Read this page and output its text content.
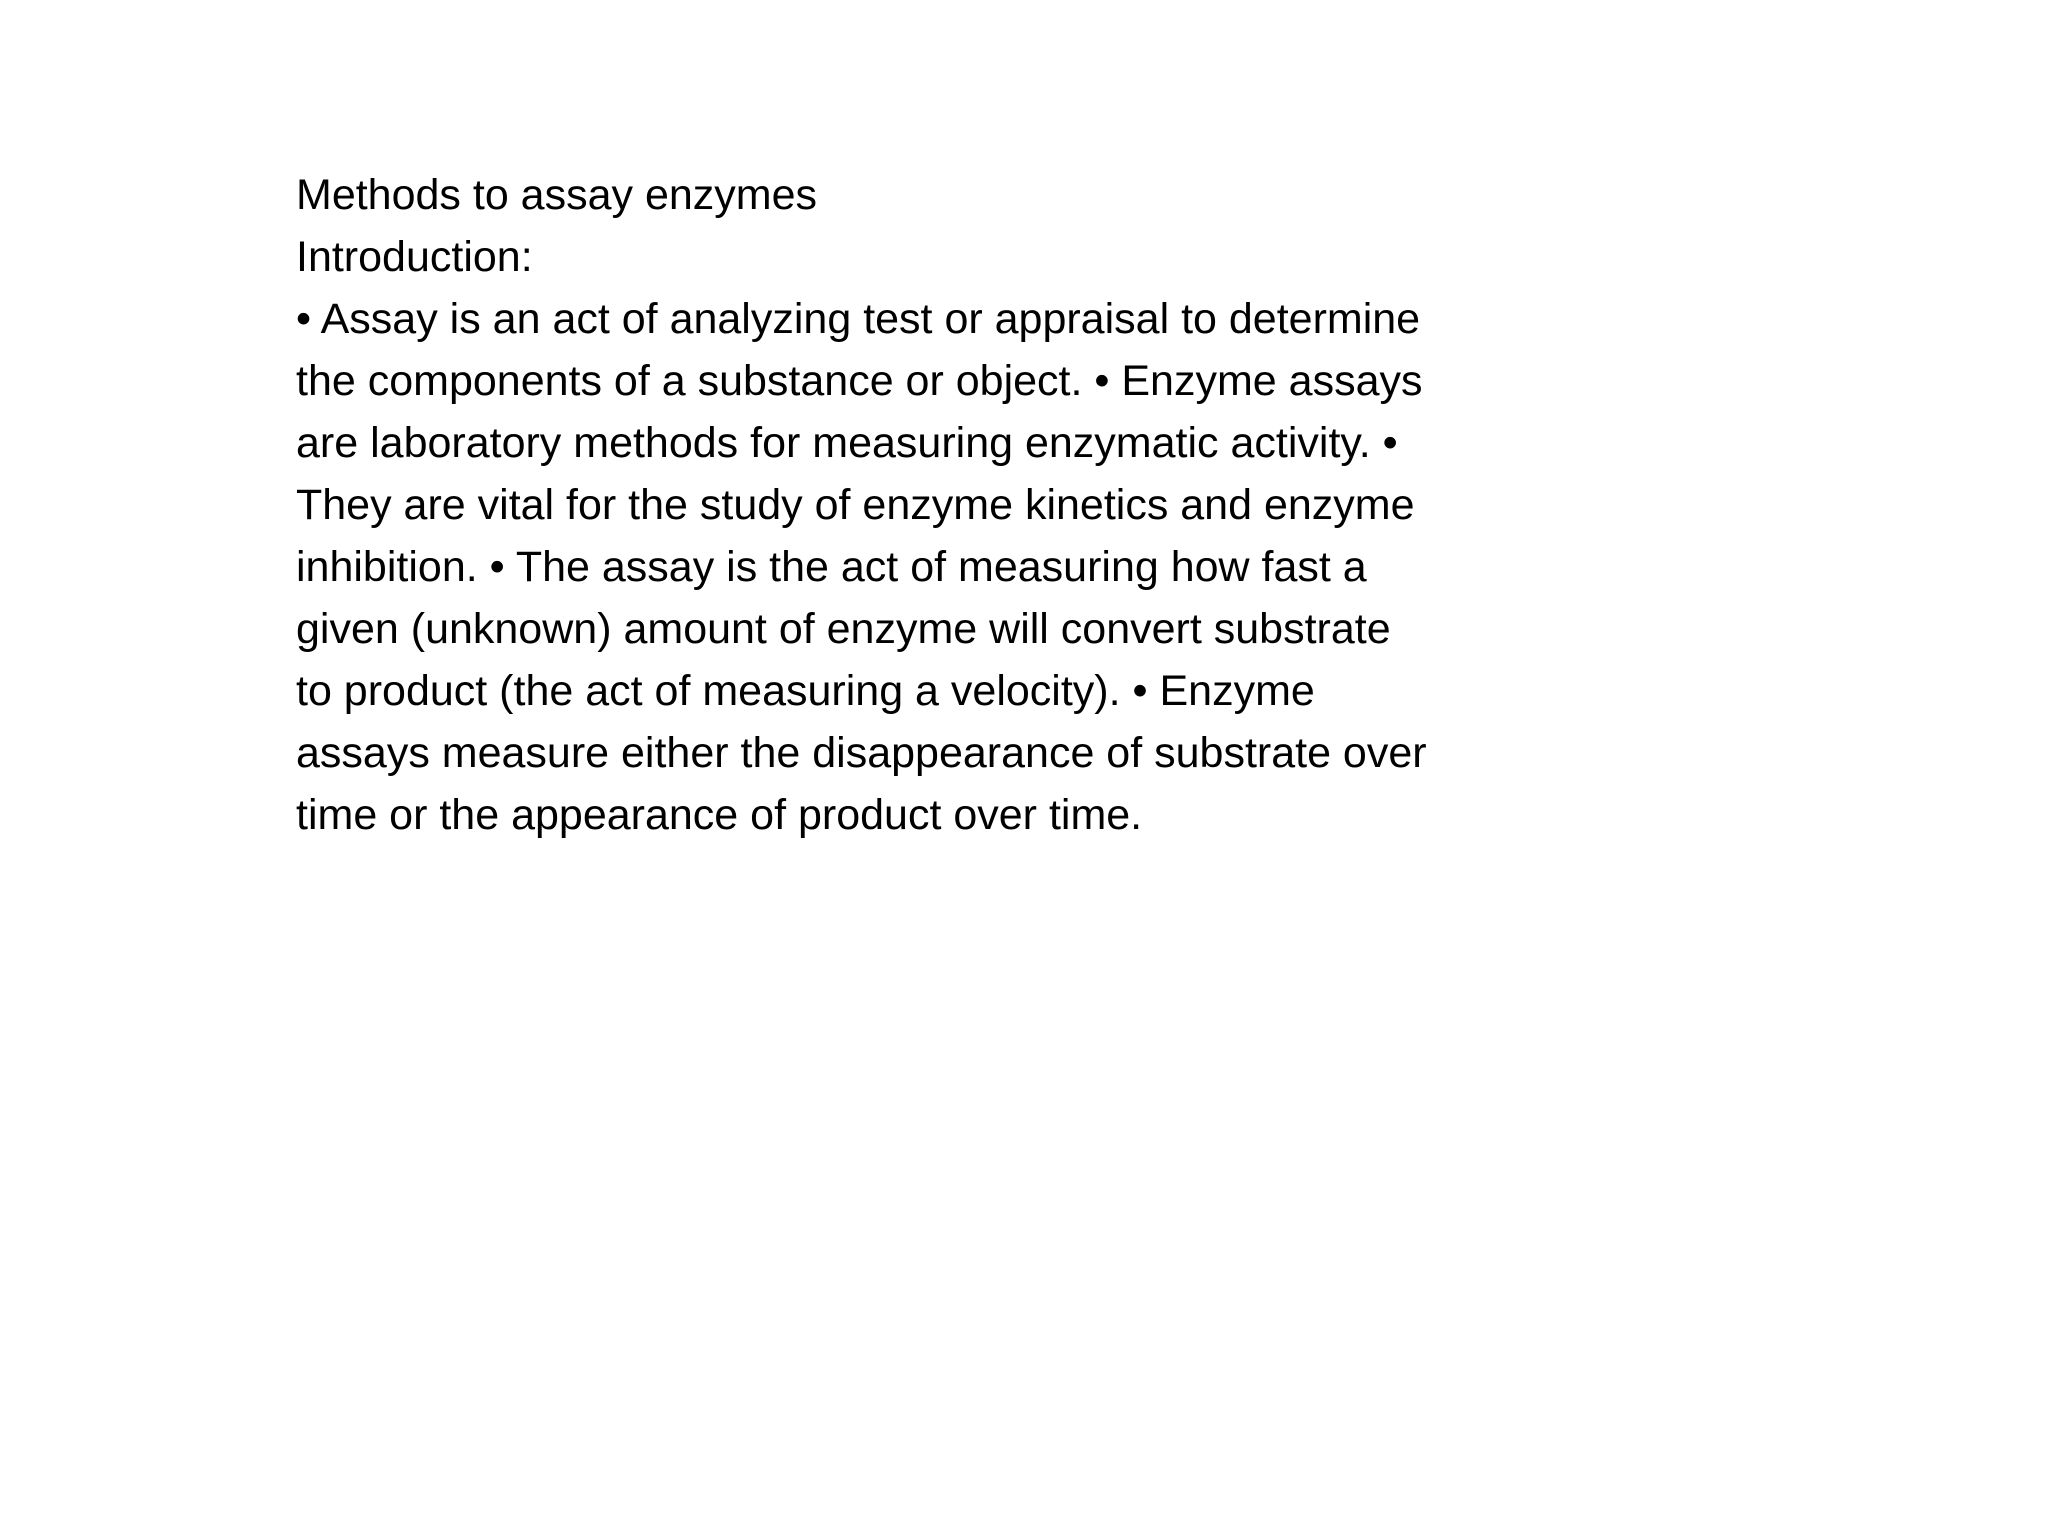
Methods to assay enzymes
Introduction:
• Assay is an act of analyzing test or appraisal to determine
the components of a substance or object. • Enzyme assays
are laboratory methods for measuring enzymatic activity. •
They are vital for the study of enzyme kinetics and enzyme
inhibition. • The assay is the act of measuring how fast a
given (unknown) amount of enzyme will convert substrate
to product (the act of measuring a velocity). • Enzyme
assays measure either the disappearance of substrate over
time or the appearance of product over time.
